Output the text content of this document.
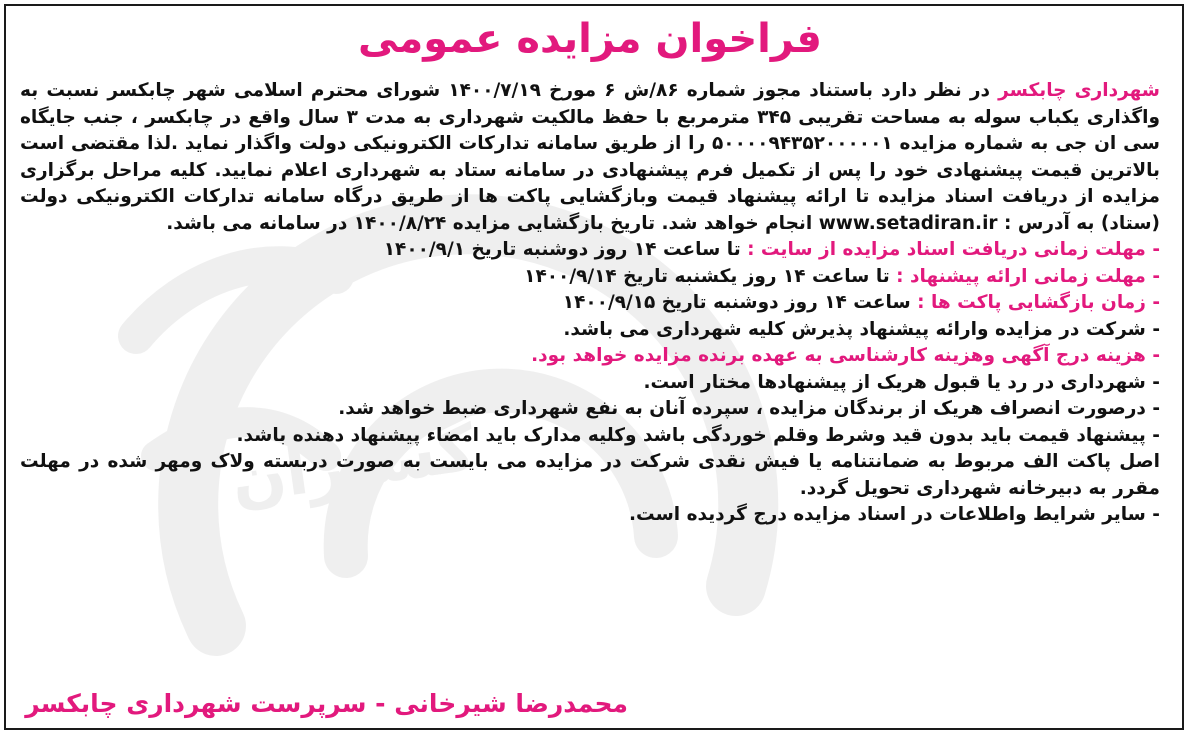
گستران
فراخوان مزایده عمومی

شهرداری چابکسر در نظر دارد باستناد مجوز شماره ۸۶/ش ۶ مورخ ۱۴۰۰/۷/۱۹ شورای محترم اسلامی شهر چابکسر نسبت به واگذاری یکباب سوله به مساحت تقریبی ۳۴۵ مترمربع با حفظ مالکیت شهرداری به مدت ۳ سال واقع در چابکسر ، جنب جایگاه سی ان جی به شماره مزایده ۵۰۰۰۰۹۴۳۵۲۰۰۰۰۰۱ را از طریق سامانه تدارکات الکترونیکی دولت واگذار نماید .لذا مقتضی است بالاترین قیمت پیشنهادی خود را پس از تکمیل فرم پیشنهادی در سامانه ستاد به شهرداری اعلام نمایید. کلیه مراحل برگزاری مزایده از دریافت اسناد مزایده تا ارائه پیشنهاد قیمت وبازگشایی پاکت ها از طریق درگاه سامانه تدارکات الکترونیکی دولت (ستاد) به آدرس : www.setadiran.ir انجام خواهد شد. تاریخ بازگشایی مزایده ۱۴۰۰/۸/۲۴ در سامانه می باشد.

- مهلت زمانی دریافت اسناد مزایده از سایت : تا ساعت ۱۴ روز دوشنبه تاریخ ۱۴۰۰/۹/۱
- مهلت زمانی ارائه پیشنهاد : تا ساعت ۱۴ روز یکشنبه تاریخ ۱۴۰۰/۹/۱۴
- زمان بازگشایی پاکت ها : ساعت ۱۴ روز دوشنبه تاریخ ۱۴۰۰/۹/۱۵
- شرکت در مزایده وارائه پیشنهاد پذیرش کلیه شهرداری می باشد.
- هزینه درج آگهی وهزینه کارشناسی به عهده برنده مزایده خواهد بود.
- شهرداری در رد یا قبول هریک از پیشنهادها مختار است.
- درصورت انصراف هریک از برندگان مزایده ، سپرده آنان به نفع شهرداری ضبط خواهد شد.
- پیشنهاد قیمت باید بدون قید وشرط وقلم خوردگی باشد وکلیه مدارک باید امضاء پیشنهاد دهنده باشد.

اصل پاکت الف مربوط به ضمانتنامه یا فیش نقدی شرکت در مزایده می بایست به صورت دربسته ولاک ومهر شده در مهلت مقرر به دبیرخانه شهرداری تحویل گردد.

- سایر شرایط واطلاعات در اسناد مزایده درج گردیده است.
محمدرضا شیرخانی - سرپرست شهرداری چابکسر
